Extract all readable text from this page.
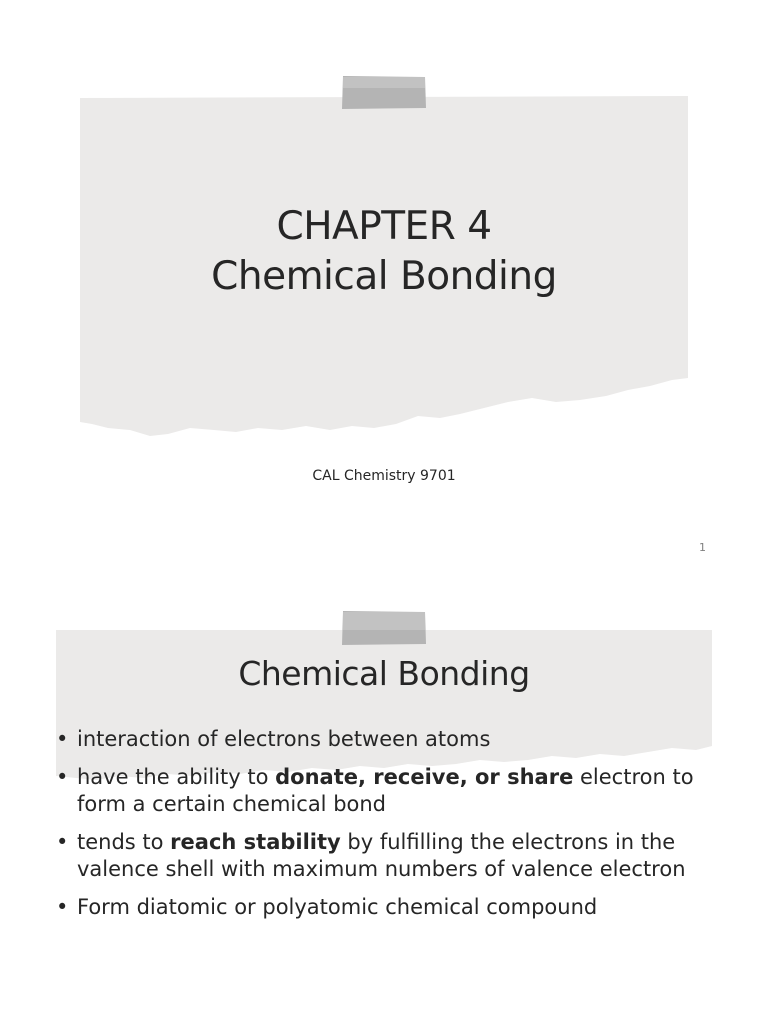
CHAPTER 4
Chemical Bonding
CAL Chemistry 9701
1
Chemical Bonding
• interaction of electrons between atoms
• have the ability to donate, receive, or share electron to form a certain chemical bond
• tends to reach stability by fulfilling the electrons in the valence shell with maximum numbers of valence electron
• Form diatomic or polyatomic chemical compound
